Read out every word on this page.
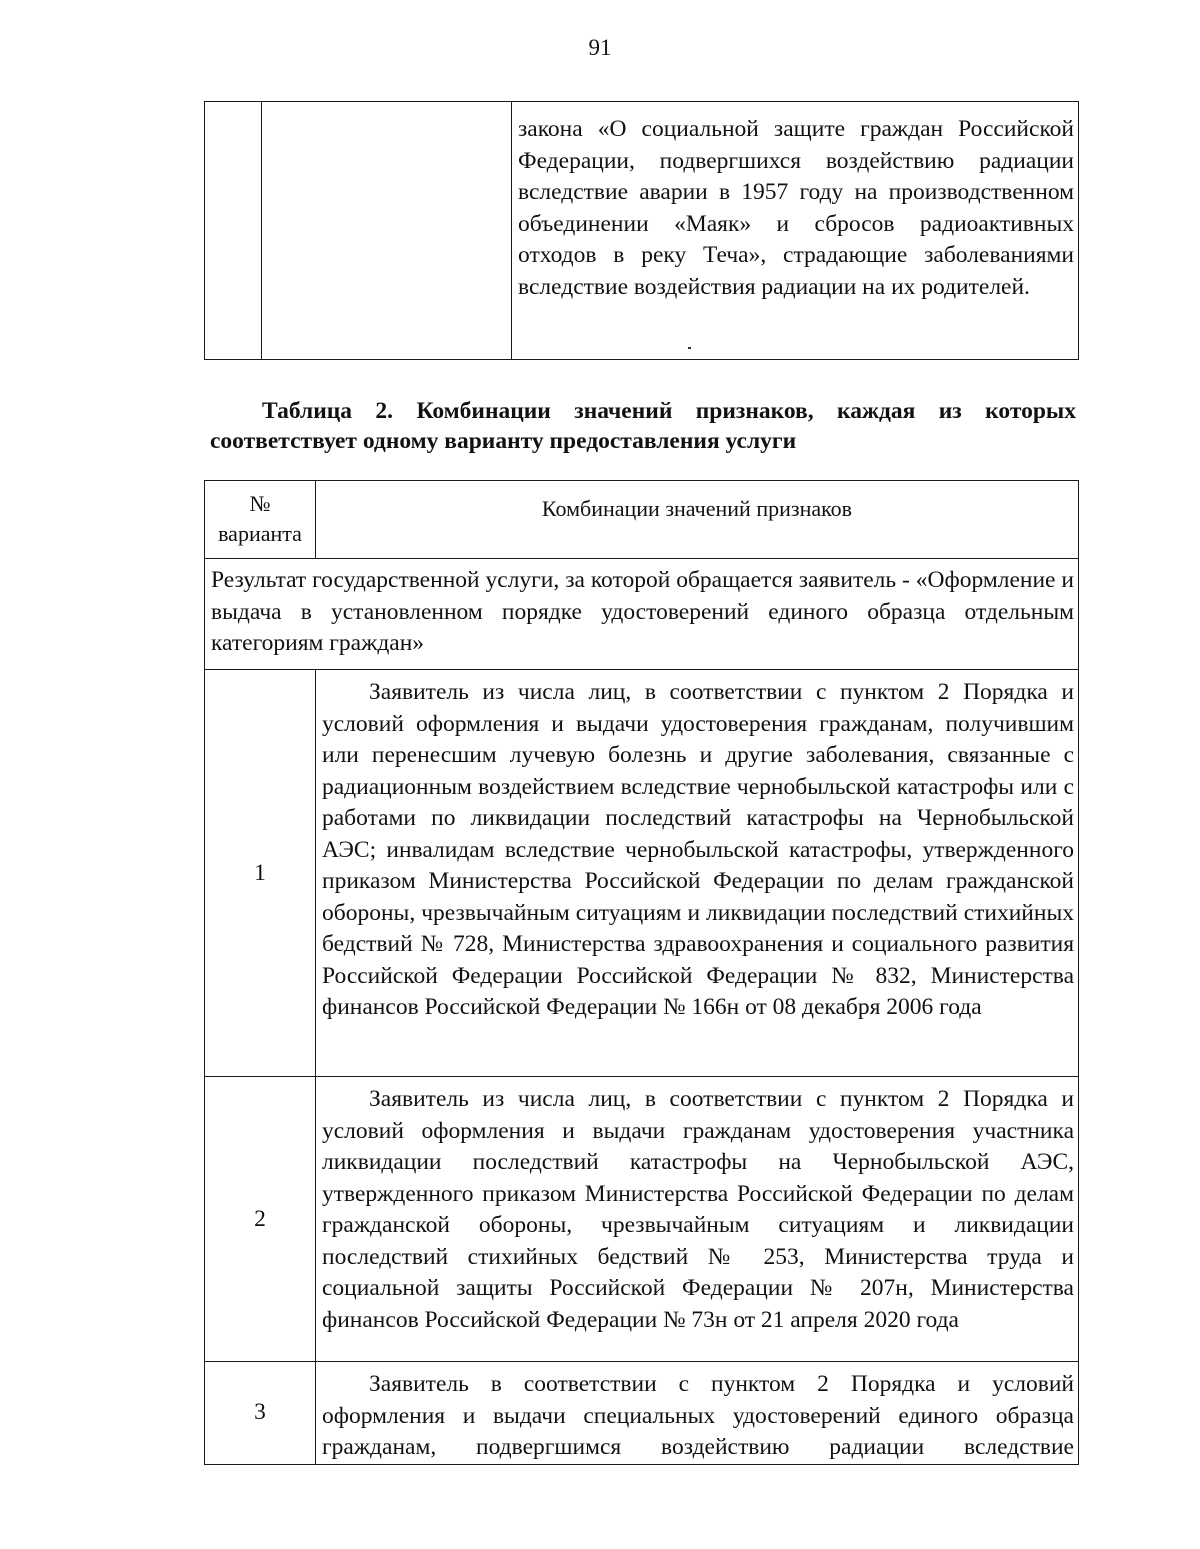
91

закона «О социальной защите граждан Российской Федерации, подвергшихся воздействию радиации вследствие аварии в 1957 году на производственном объединении «Маяк» и сбросов радиоактивных отходов в реку Теча», страдающие заболеваниями вследствие воздействия радиации на их родителей.

Таблица 2. Комбинации значений признаков, каждая из которых соответствует одному варианту предоставления услуги

№ варианта	Комбинации значений признаков

Результат государственной услуги, за которой обращается заявитель - «Оформление и выдача в установленном порядке удостоверений единого образца отдельным категориям граждан»	

1	Заявитель из числа лиц, в соответствии с пунктом 2 Порядка и условий оформления и выдачи удостоверения гражданам, получившим или перенесшим лучевую болезнь и другие заболевания, связанные с радиационным воздействием вследствие чернобыльской катастрофы или с работами по ликвидации последствий катастрофы на Чернобыльской АЭС; инвалидам вследствие чернобыльской катастрофы, утвержденного приказом Министерства Российской Федерации по делам гражданской обороны, чрезвычайным ситуациям и ликвидации последствий стихийных бедствий № 728, Министерства здравоохранения и социального развития Российской Федерации Российской Федерации № 832, Министерства финансов Российской Федерации № 166н от 08 декабря 2006 года

2	Заявитель из числа лиц, в соответствии с пунктом 2 Порядка и условий оформления и выдачи гражданам удостоверения участника ликвидации последствий катастрофы на Чернобыльской АЭС, утвержденного приказом Министерства Российской Федерации по делам гражданской обороны, чрезвычайным ситуациям и ликвидации последствий стихийных бедствий № 253, Министерства труда и социальной защиты Российской Федерации № 207н, Министерства финансов Российской Федерации № 73н от 21 апреля 2020 года

3	Заявитель в соответствии с пунктом 2 Порядка и условий оформления и выдачи специальных удостоверений единого образца гражданам, подвергшимся воздействию радиации вследствие
